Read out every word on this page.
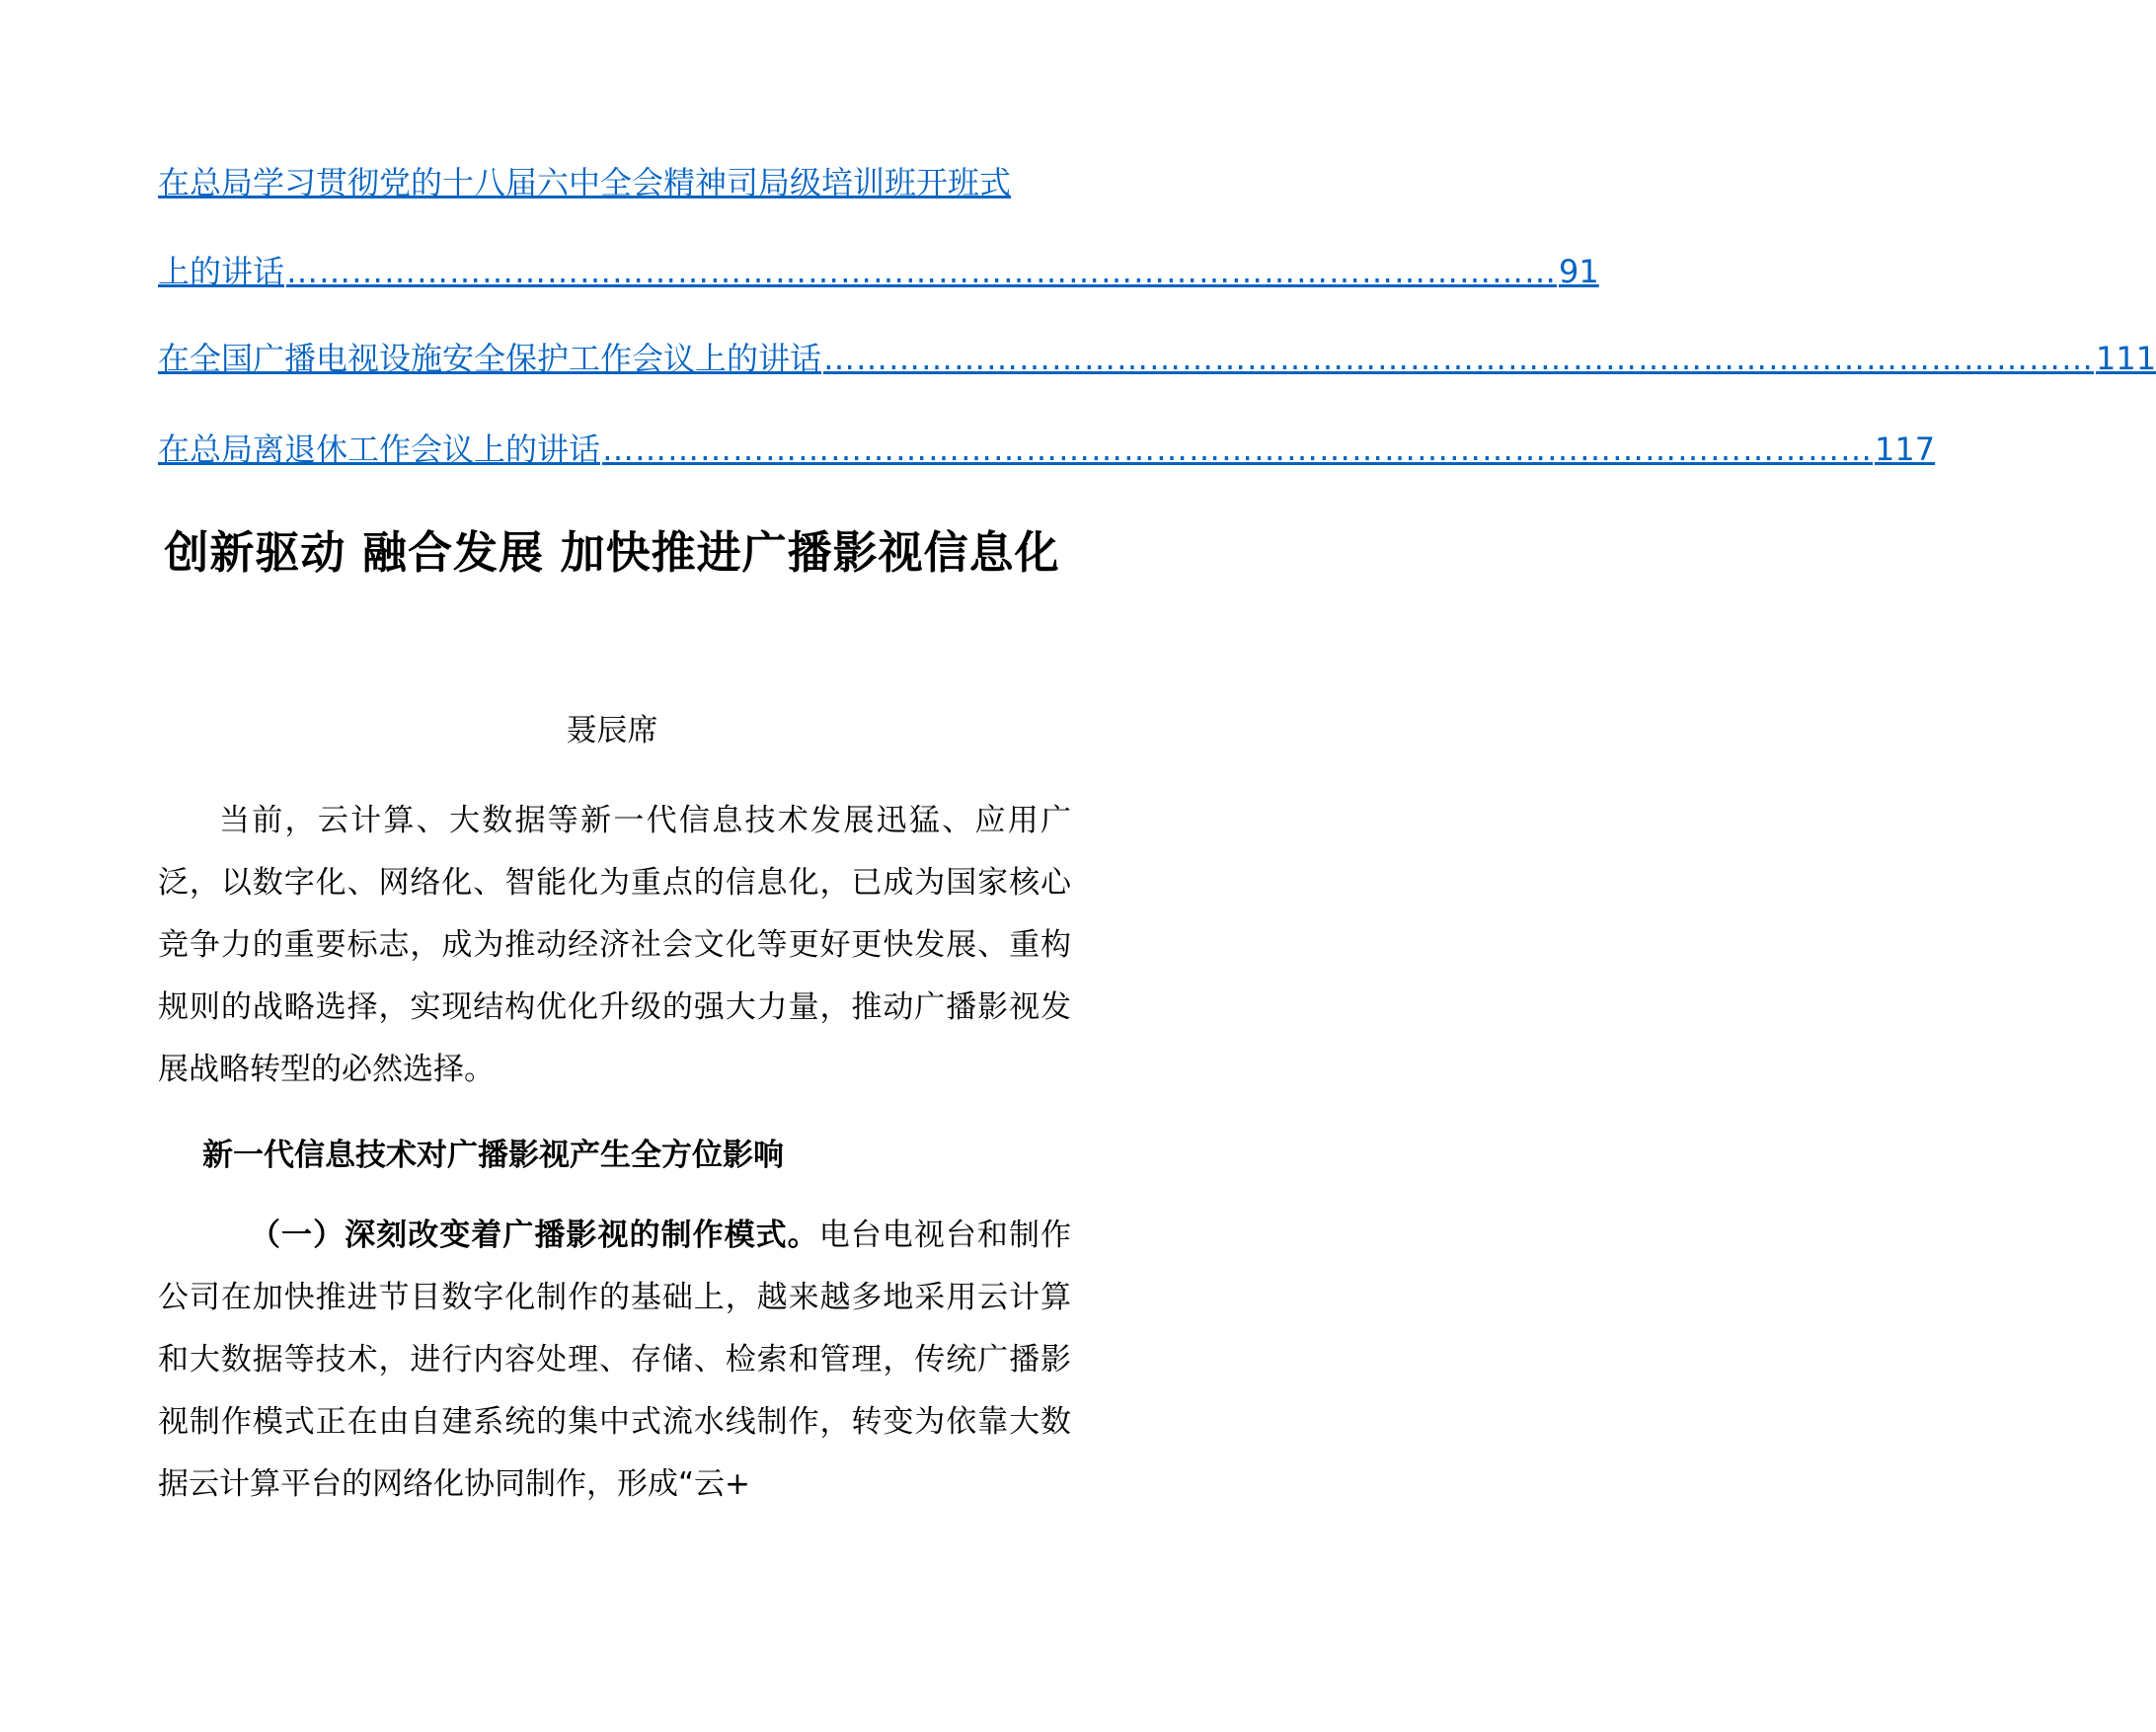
在总局学习贯彻党的十八届六中全会精神司局级培训班开班式
上的讲话 ……………………………………………………………………………………………………… 91
在全国广播电视设施安全保护工作会议上的讲话 ……………………………………………………………………………………………………… 111
在总局离退休工作会议上的讲话 ……………………………………………………………………………………………………… 117
创新驱动 融合发展 加快推进广播影视信息化
聂辰席

当前，云计算、大数据等新一代信息技术发展迅猛、应用广泛，以数字化、网络化、智能化为重点的信息化，已成为国家核心竞争力的重要标志，成为推动经济社会文化等更好更快发展、重构规则的战略选择，实现结构优化升级的强大力量，推动广播影视发展战略转型的必然选择。

新一代信息技术对广播影视产生全方位影响

（一）深刻改变着广播影视的制作模式。电台电视台和制作公司在加快推进节目数字化制作的基础上，越来越多地采用云计算和大数据等技术，进行内容处理、存储、检索和管理，传统广播影视制作模式正在由自建系统的集中式流水线制作，转变为依靠大数据云计算平台的网络化协同制作，形成“云+
